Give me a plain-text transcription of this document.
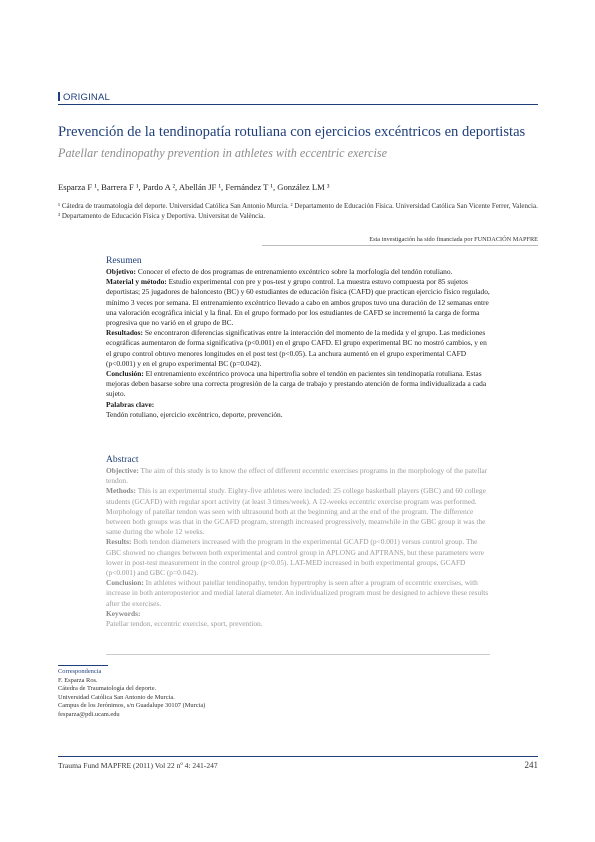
ORIGINAL
Prevención de la tendinopatía rotuliana con ejercicios excéntricos en deportistas
Patellar tendinopathy prevention in athletes with eccentric exercise
Esparza F ¹, Barrera F ¹, Pardo A ², Abellán JF ¹, Fernández T ¹, González LM ³
¹ Cátedra de traumatología del deporte. Universidad Católica San Antonio Murcia. ² Departamento de Educación Física. Universidad Católica San Vicente Ferrer, Valencia. ³ Departamento de Educación Física y Deportiva. Universitat de València.
Esta investigación ha sido financiada por FUNDACIÓN MAPFRE
Resumen

Objetivo: Conocer el efecto de dos programas de entrenamiento excéntrico sobre la morfología del tendón rotuliano.

Material y método: Estudio experimental con pre y pos-test y grupo control. La muestra estuvo compuesta por 85 sujetos deportistas; 25 jugadores de baloncesto (BC) y 60 estudiantes de educación física (CAFD) que practican ejercicio físico regulado, mínimo 3 veces por semana. El entrenamiento excéntrico llevado a cabo en ambos grupos tuvo una duración de 12 semanas entre una valoración ecográfica inicial y la final. En el grupo formado por los estudiantes de CAFD se incrementó la carga de forma progresiva que no varió en el grupo de BC.

Resultados: Se encontraron diferencias significativas entre la interacción del momento de la medida y el grupo. Las mediciones ecográficas aumentaron de forma significativa (p<0.001) en el grupo CAFD. El grupo experimental BC no mostró cambios, y en el grupo control obtuvo menores longitudes en el post test (p<0.05). La anchura aumentó en el grupo experimental CAFD (p<0.001) y en el grupo experimental BC (p=0.042).

Conclusión: El entrenamiento excéntrico provoca una hipertrofia sobre el tendón en pacientes sin tendinopatía rotuliana. Estas mejoras deben basarse sobre una correcta progresión de la carga de trabajo y prestando atención de forma individualizada a cada sujeto.

Palabras clave:

Tendón rotuliano, ejercicio excéntrico, deporte, prevención.

Abstract

Objective: The aim of this study is to know the effect of different eccentric exercises programs in the morphology of the patellar tendon.

Methods: This is an experimental study. Eighty-five athletes were included: 25 college basketball players (GBC) and 60 college students (GCAFD) with regular sport activity (at least 3 times/week). A 12-weeks eccentric exercise program was performed. Morphology of patellar tendon was seen with ultrasound both at the beginning and at the end of the program. The difference between both groups was that in the GCAFD program, strength increased progressively, meanwhile in the GBC group it was the same during the whole 12 weeks.

Results: Both tendon diameters increased with the program in the experimental GCAFD (p<0.001) versus control group. The GBC showed no changes between both experimental and control group in APLONG and APTRANS, but these parameters were lower in post-test measurement in the control group (p<0.05). LAT-MED increased in both experimental groups, GCAFD (p<0.001) and GBC (p=0.042).

Conclusion: In athletes without patellar tendinopathy, tendon hypertrophy is seen after a program of eccentric exercises, with increase in both anteroposterior and medial lateral diameter. An individualized program must be designed to achieve these results after the exercises.

Keywords:

Patellar tendon, eccentric exercise, sport, prevention.

Correspondencia
F. Esparza Ros.
Cátedra de Traumatología del deporte.
Universidad Católica San Antonio de Murcia.
Campus de los Jerónimos, s/n Guadalupe 30107 (Murcia)
fesparza@pdi.ucam.edu
Trauma Fund MAPFRE (2011) Vol 22 nº 4: 241-247	241
